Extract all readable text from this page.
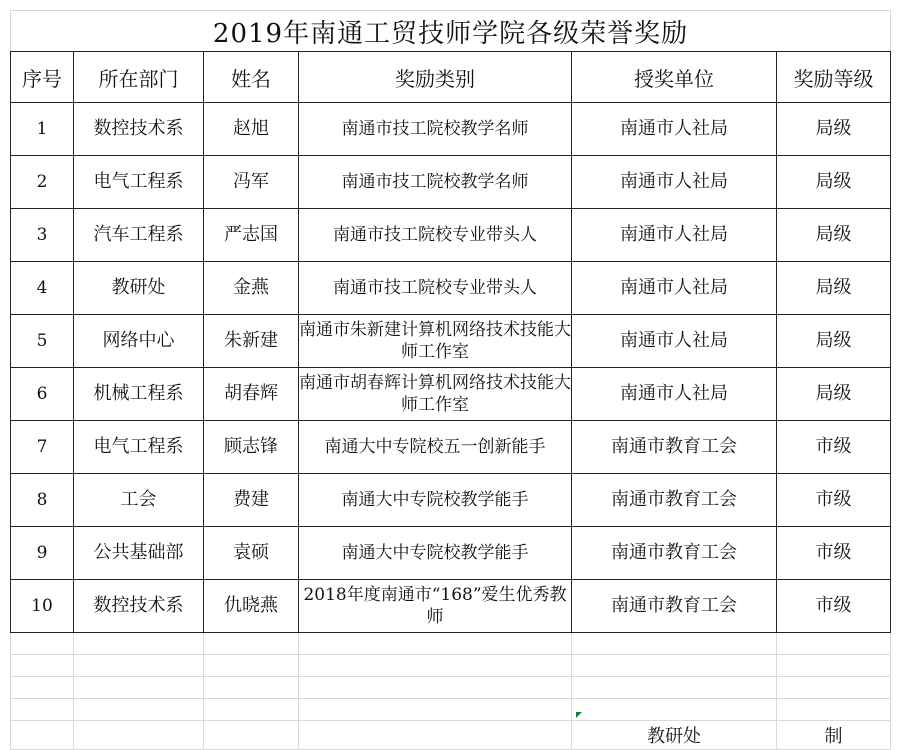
2019年南通工贸技师学院各级荣誉奖励					
序号	所在部门	姓名	奖励类别	授奖单位	奖励等级
1	数控技术系	赵旭	南通市技工院校教学名师	南通市人社局	局级
2	电气工程系	冯军	南通市技工院校教学名师	南通市人社局	局级
3	汽车工程系	严志国	南通市技工院校专业带头人	南通市人社局	局级
4	教研处	金燕	南通市技工院校专业带头人	南通市人社局	局级
5	网络中心	朱新建	南通市朱新建计算机网络技术技能大师工作室	南通市人社局	局级
6	机械工程系	胡春辉	南通市胡春辉计算机网络技术技能大师工作室	南通市人社局	局级
7	电气工程系	顾志锋	南通大中专院校五一创新能手	南通市教育工会	市级
8	工会	费建	南通大中专院校教学能手	南通市教育工会	市级
9	公共基础部	袁硕	南通大中专院校教学能手	南通市教育工会	市级
10	数控技术系	仇晓燕	2018年度南通市“168”爱生优秀教师	南通市教育工会	市级

				教研处	制
